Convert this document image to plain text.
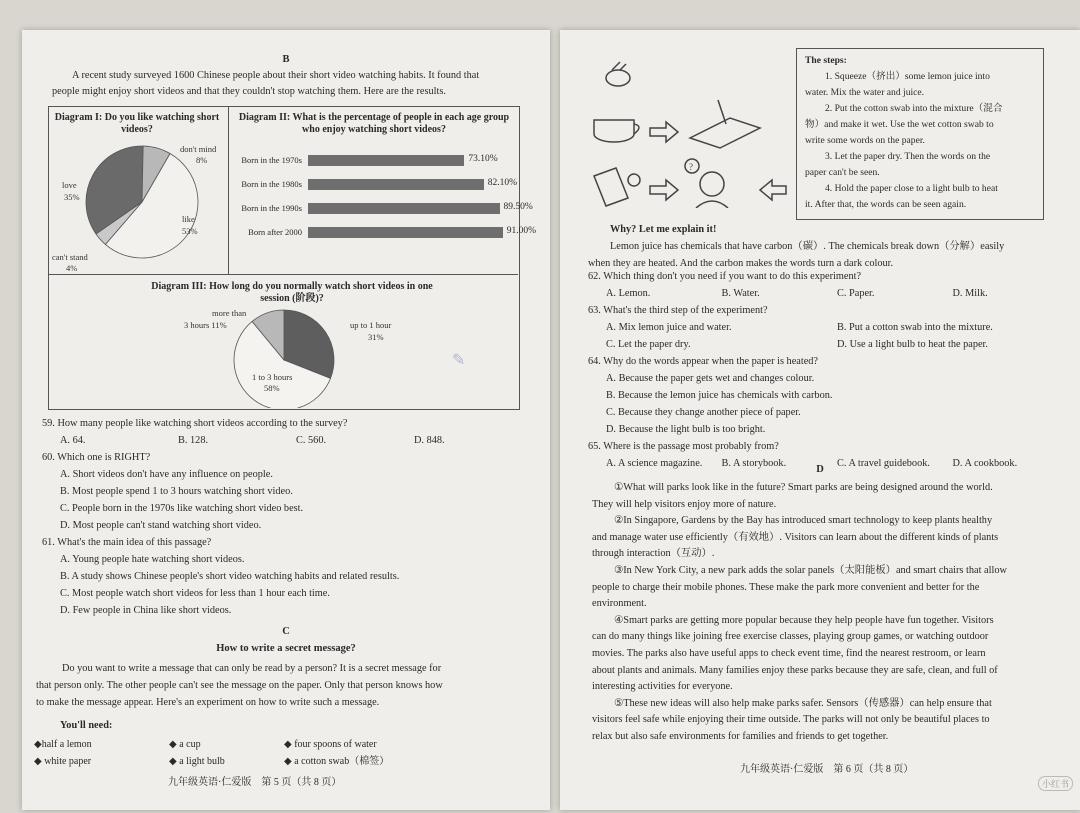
B

A recent study surveyed 1600 Chinese people about their short video watching habits. It found that

people might enjoy short videos and that they couldn't stop watching them. Here are the results.

Diagram I: Do you like watching short videos?
love
35%
don't mind
8%
like
53%
can't stand
4%
Diagram II: What is the percentage of people in each age group who enjoy watching short videos?
Born in the 1970s	73.10%
Born in the 1980s	82.10%
Born in the 1990s	89.50%
Born after 2000	91.00%
Diagram III: How long do you normally watch short videos in one session (阶段)?
more than
3 hours 11%	up to 1 hour
31%
1 to 3 hours
58%
✎

59. How many people like watching short videos according to the survey?

A. 64.	B. 128.	C. 560.	D. 848.

60. Which one is RIGHT?

A. Short videos don't have any influence on people.

B. Most people spend 1 to 3 hours watching short video.

C. People born in the 1970s like watching short video best.

D. Most people can't stand watching short video.

61. What's the main idea of this passage?

A. Young people hate watching short videos.

B. A study shows Chinese people's short video watching habits and related results.

C. Most people watch short videos for less than 1 hour each time.

D. Few people in China like short videos.

C
How to write a secret message?

Do you want to write a message that can only be read by a person? It is a secret message for

that person only. The other people can't see the message on the paper. Only that person knows how

to make the message appear. Here's an experiment on how to write such a message.

You'll need:
◆half a lemon	◆ a cup	◆ four spoons of water
◆ white paper	◆ a light bulb	◆ a cotton swab（棉签）
九年级英语·仁爱版　第 5 页（共 8 页）
?
The steps:
1. Squeeze（挤出）some lemon juice into
water. Mix the water and juice.
2. Put the cotton swab into the mixture（混合
物）and make it wet. Use the wet cotton swab to
write some words on the paper.
3. Let the paper dry. Then the words on the
paper can't be seen.
4. Hold the paper close to a light bulb to heat
it. After that, the words can be seen again.

Why? Let me explain it!

Lemon juice has chemicals that have carbon（碳）. The chemicals break down（分解）easily

when they are heated. And the carbon makes the words turn a dark colour.

62. Which thing don't you need if you want to do this experiment?

A. Lemon.	B. Water.	C. Paper.	D. Milk.

63. What's the third step of the experiment?

A. Mix lemon juice and water.	B. Put a cotton swab into the mixture.
C. Let the paper dry.	D. Use a light bulb to heat the paper.

64. Why do the words appear when the paper is heated?

A. Because the paper gets wet and changes colour.

B. Because the lemon juice has chemicals with carbon.

C. Because they change another piece of paper.

D. Because the light bulb is too bright.

65. Where is the passage most probably from?

A. A science magazine.	B. A storybook.	C. A travel guidebook.	D. A cookbook.
D

①What will parks look like in the future? Smart parks are being designed around the world.

They will help visitors enjoy more of nature.

②In Singapore, Gardens by the Bay has introduced smart technology to keep plants healthy

and manage water use efficiently（有效地）. Visitors can learn about the different kinds of plants

through interaction（互动）.

③In New York City, a new park adds the solar panels（太阳能板）and smart chairs that allow

people to charge their mobile phones. These make the park more convenient and better for the

environment.

④Smart parks are getting more popular because they help people have fun together. Visitors

can do many things like joining free exercise classes, playing group games, or watching outdoor

movies. The parks also have useful apps to check event time, find the nearest restroom, or learn

about plants and animals. Many families enjoy these parks because they are safe, clean, and full of

interesting activities for everyone.

⑤These new ideas will also help make parks safer. Sensors（传感器）can help ensure that

visitors feel safe while enjoying their time outside. The parks will not only be beautiful places to

relax but also safe environments for families and friends to get together.

九年级英语·仁爱版　第 6 页（共 8 页）
小红书
